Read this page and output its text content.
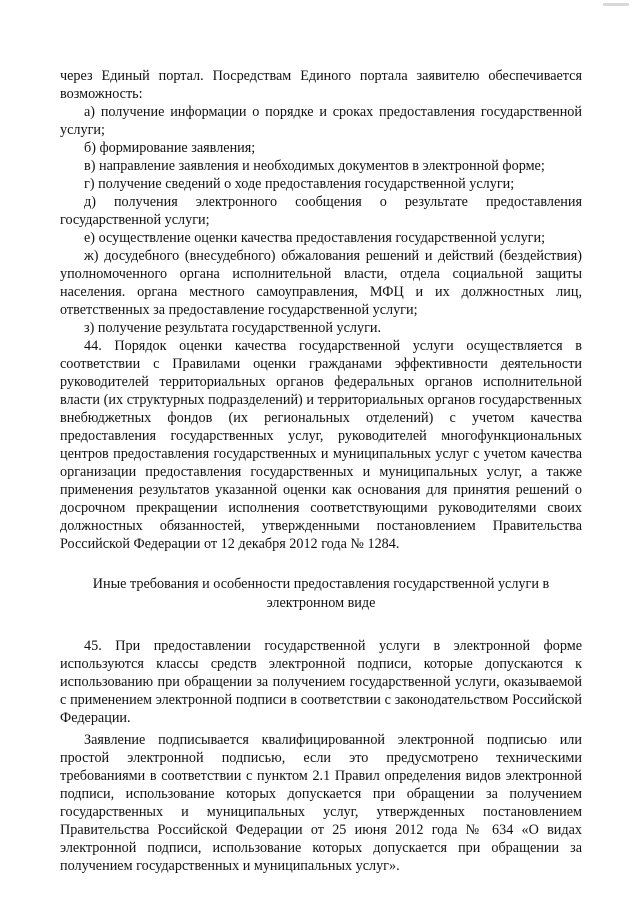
через Единый портал. Посредствам Единого портала заявителю обеспечивается возможность:

а) получение информации о порядке и сроках предоставления государственной услуги;

б) формирование заявления;

в) направление заявления и необходимых документов в электронной форме;

г) получение сведений о ходе предоставления государственной услуги;

д) получения электронного сообщения о результате предоставления государственной услуги;

е) осуществление оценки качества предоставления государственной услуги;

ж) досудебного (внесудебного) обжалования решений и действий (бездействия) уполномоченного органа исполнительной власти, отдела социальной защиты населения. органа местного самоуправления, МФЦ и их должностных лиц, ответственных за предоставление государственной услуги;

з) получение результата государственной услуги.

44. Порядок оценки качества государственной услуги осуществляется в соответствии с Правилами оценки гражданами эффективности деятельности руководителей территориальных органов федеральных органов исполнительной власти (их структурных подразделений) и территориальных органов государственных внебюджетных фондов (их региональных отделений) с учетом качества предоставления государственных услуг, руководителей многофункциональных центров предоставления государственных и муниципальных услуг с учетом качества организации предоставления государственных и муниципальных услуг, а также применения результатов указанной оценки как основания для принятия решений о досрочном прекращении исполнения соответствующими руководителями своих должностных обязанностей, утвержденными постановлением Правительства Российской Федерации от 12 декабря 2012 года № 1284.

Иные требования и особенности предоставления государственной услуги в электронном виде

45. При предоставлении государственной услуги в электронной форме используются классы средств электронной подписи, которые допускаются к использованию при обращении за получением государственной услуги, оказываемой с применением электронной подписи в соответствии с законодательством Российской Федерации.

Заявление подписывается квалифицированной электронной подписью или простой электронной подписью, если это предусмотрено техническими требованиями в соответствии с пунктом 2.1 Правил определения видов электронной подписи, использование которых допускается при обращении за получением государственных и муниципальных услуг, утвержденных постановлением Правительства Российской Федерации от 25 июня 2012 года № 634 «О видах электронной подписи, использование которых допускается при обращении за получением государственных и муниципальных услуг».
